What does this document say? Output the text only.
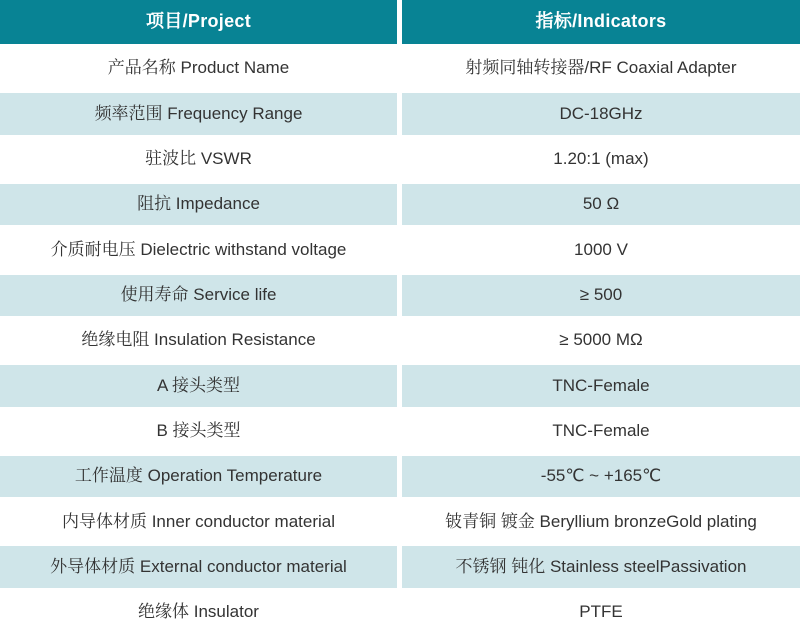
项目/Project	指标/Indicators
产品名称 Product Name	射频同轴转接器/RF Coaxial Adapter
频率范围 Frequency Range	DC-18GHz
驻波比 VSWR	1.20:1 (max)
阻抗 Impedance	50 Ω
介质耐电压 Dielectric withstand voltage	1000 V
使用寿命 Service life	≥ 500
绝缘电阻 Insulation Resistance	≥ 5000 MΩ
A 接头类型	TNC-Female
B 接头类型	TNC-Female
工作温度 Operation Temperature	-55℃ ~ +165℃
内导体材质 Inner conductor material	铍青铜 镀金 Beryllium bronzeGold plating
外导体材质 External conductor material	不锈钢 钝化 Stainless steelPassivation
绝缘体 Insulator	PTFE
